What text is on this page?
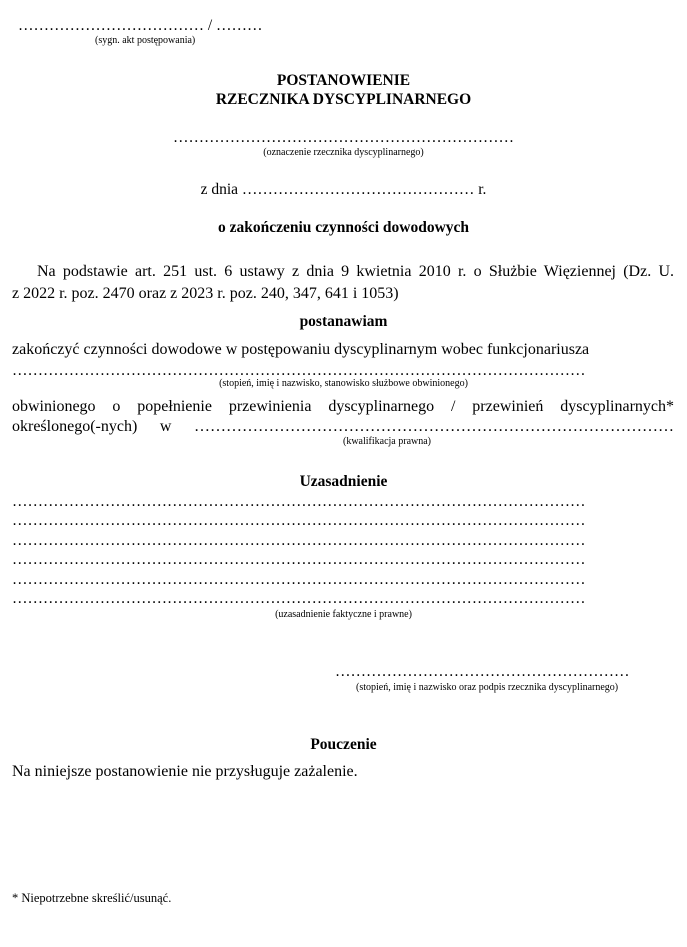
……………………………… / ………
(sygn. akt postępowania)
POSTANOWIENIE
RZECZNIKA DYSCYPLINARNEGO
…………………………………………………………
(oznaczenie rzecznika dyscyplinarnego)
z dnia ……………………………………… r.
o zakończeniu czynności dowodowych
Na podstawie art. 251 ust. 6 ustawy z dnia 9 kwietnia 2010 r. o Służbie Więziennej (Dz. U.
z 2022 r. poz. 2470 oraz z 2023 r. poz. 240, 347, 641 i 1053)
postanawiam
zakończyć czynności dowodowe w postępowaniu dyscyplinarnym wobec funkcjonariusza
…………………………………………………………………………………………………
(stopień, imię i nazwisko, stanowisko służbowe obwinionego)
obwinionego o popełnienie przewinienia dyscyplinarnego / przewinień dyscyplinarnych*
określonego(-nych) w ………………………………………………………………………………
(kwalifikacja prawna)
Uzasadnienie
…………………………………………………………………………………………………
…………………………………………………………………………………………………
…………………………………………………………………………………………………
…………………………………………………………………………………………………
…………………………………………………………………………………………………
…………………………………………………………………………………………………
(uzasadnienie faktyczne i prawne)
…………………………………………………
(stopień, imię i nazwisko oraz podpis rzecznika dyscyplinarnego)
Pouczenie
Na niniejsze postanowienie nie przysługuje zażalenie.
* Niepotrzebne skreślić/usunąć.
